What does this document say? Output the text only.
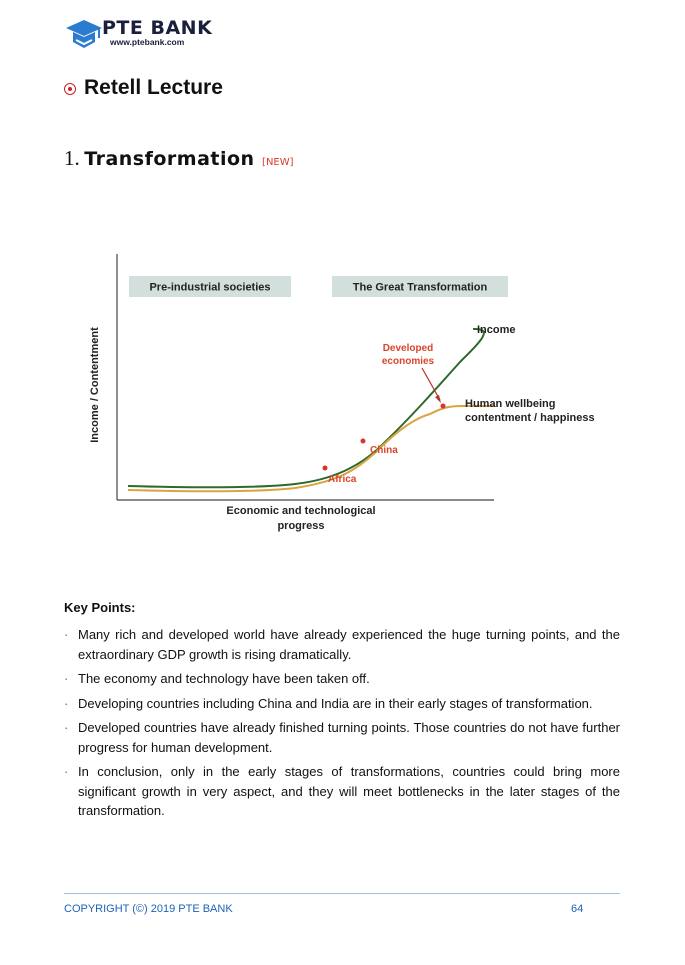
PTE BANK
www.ptebank.com
Retell Lecture
1. Transformation [NEW]
Pre-industrial societies	The Great Transformation
Income / Contentment
Economic and technological
progress
Developed
economies
China
Africa
Income
Human wellbeing
contentment / happiness
Key Points:
· Many rich and developed world have already experienced the huge turning points, and the extraordinary GDP growth is rising dramatically.
· The economy and technology have been taken off.
· Developing countries including China and India are in their early stages of transformation.
· Developed countries have already finished turning points. Those countries do not have further progress for human development.
· In conclusion, only in the early stages of transformations, countries could bring more significant growth in very aspect, and they will meet bottlenecks in the later stages of the transformation.
COPYRIGHT (©) 2019 PTE BANK	64
